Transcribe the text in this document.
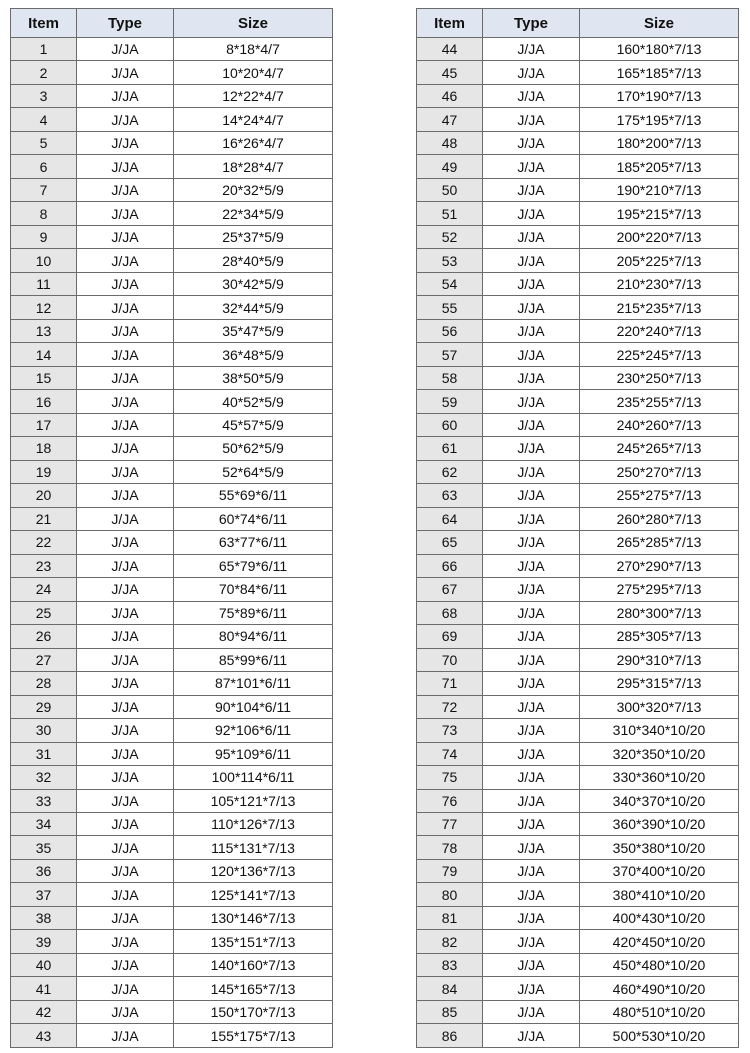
Item	Type	Size
1	J/JA	8*18*4/7
2	J/JA	10*20*4/7
3	J/JA	12*22*4/7
4	J/JA	14*24*4/7
5	J/JA	16*26*4/7
6	J/JA	18*28*4/7
7	J/JA	20*32*5/9
8	J/JA	22*34*5/9
9	J/JA	25*37*5/9
10	J/JA	28*40*5/9
11	J/JA	30*42*5/9
12	J/JA	32*44*5/9
13	J/JA	35*47*5/9
14	J/JA	36*48*5/9
15	J/JA	38*50*5/9
16	J/JA	40*52*5/9
17	J/JA	45*57*5/9
18	J/JA	50*62*5/9
19	J/JA	52*64*5/9
20	J/JA	55*69*6/11
21	J/JA	60*74*6/11
22	J/JA	63*77*6/11
23	J/JA	65*79*6/11
24	J/JA	70*84*6/11
25	J/JA	75*89*6/11
26	J/JA	80*94*6/11
27	J/JA	85*99*6/11
28	J/JA	87*101*6/11
29	J/JA	90*104*6/11
30	J/JA	92*106*6/11
31	J/JA	95*109*6/11
32	J/JA	100*114*6/11
33	J/JA	105*121*7/13
34	J/JA	110*126*7/13
35	J/JA	115*131*7/13
36	J/JA	120*136*7/13
37	J/JA	125*141*7/13
38	J/JA	130*146*7/13
39	J/JA	135*151*7/13
40	J/JA	140*160*7/13
41	J/JA	145*165*7/13
42	J/JA	150*170*7/13
43	J/JA	155*175*7/13
Item	Type	Size
44	J/JA	160*180*7/13
45	J/JA	165*185*7/13
46	J/JA	170*190*7/13
47	J/JA	175*195*7/13
48	J/JA	180*200*7/13
49	J/JA	185*205*7/13
50	J/JA	190*210*7/13
51	J/JA	195*215*7/13
52	J/JA	200*220*7/13
53	J/JA	205*225*7/13
54	J/JA	210*230*7/13
55	J/JA	215*235*7/13
56	J/JA	220*240*7/13
57	J/JA	225*245*7/13
58	J/JA	230*250*7/13
59	J/JA	235*255*7/13
60	J/JA	240*260*7/13
61	J/JA	245*265*7/13
62	J/JA	250*270*7/13
63	J/JA	255*275*7/13
64	J/JA	260*280*7/13
65	J/JA	265*285*7/13
66	J/JA	270*290*7/13
67	J/JA	275*295*7/13
68	J/JA	280*300*7/13
69	J/JA	285*305*7/13
70	J/JA	290*310*7/13
71	J/JA	295*315*7/13
72	J/JA	300*320*7/13
73	J/JA	310*340*10/20
74	J/JA	320*350*10/20
75	J/JA	330*360*10/20
76	J/JA	340*370*10/20
77	J/JA	360*390*10/20
78	J/JA	350*380*10/20
79	J/JA	370*400*10/20
80	J/JA	380*410*10/20
81	J/JA	400*430*10/20
82	J/JA	420*450*10/20
83	J/JA	450*480*10/20
84	J/JA	460*490*10/20
85	J/JA	480*510*10/20
86	J/JA	500*530*10/20
